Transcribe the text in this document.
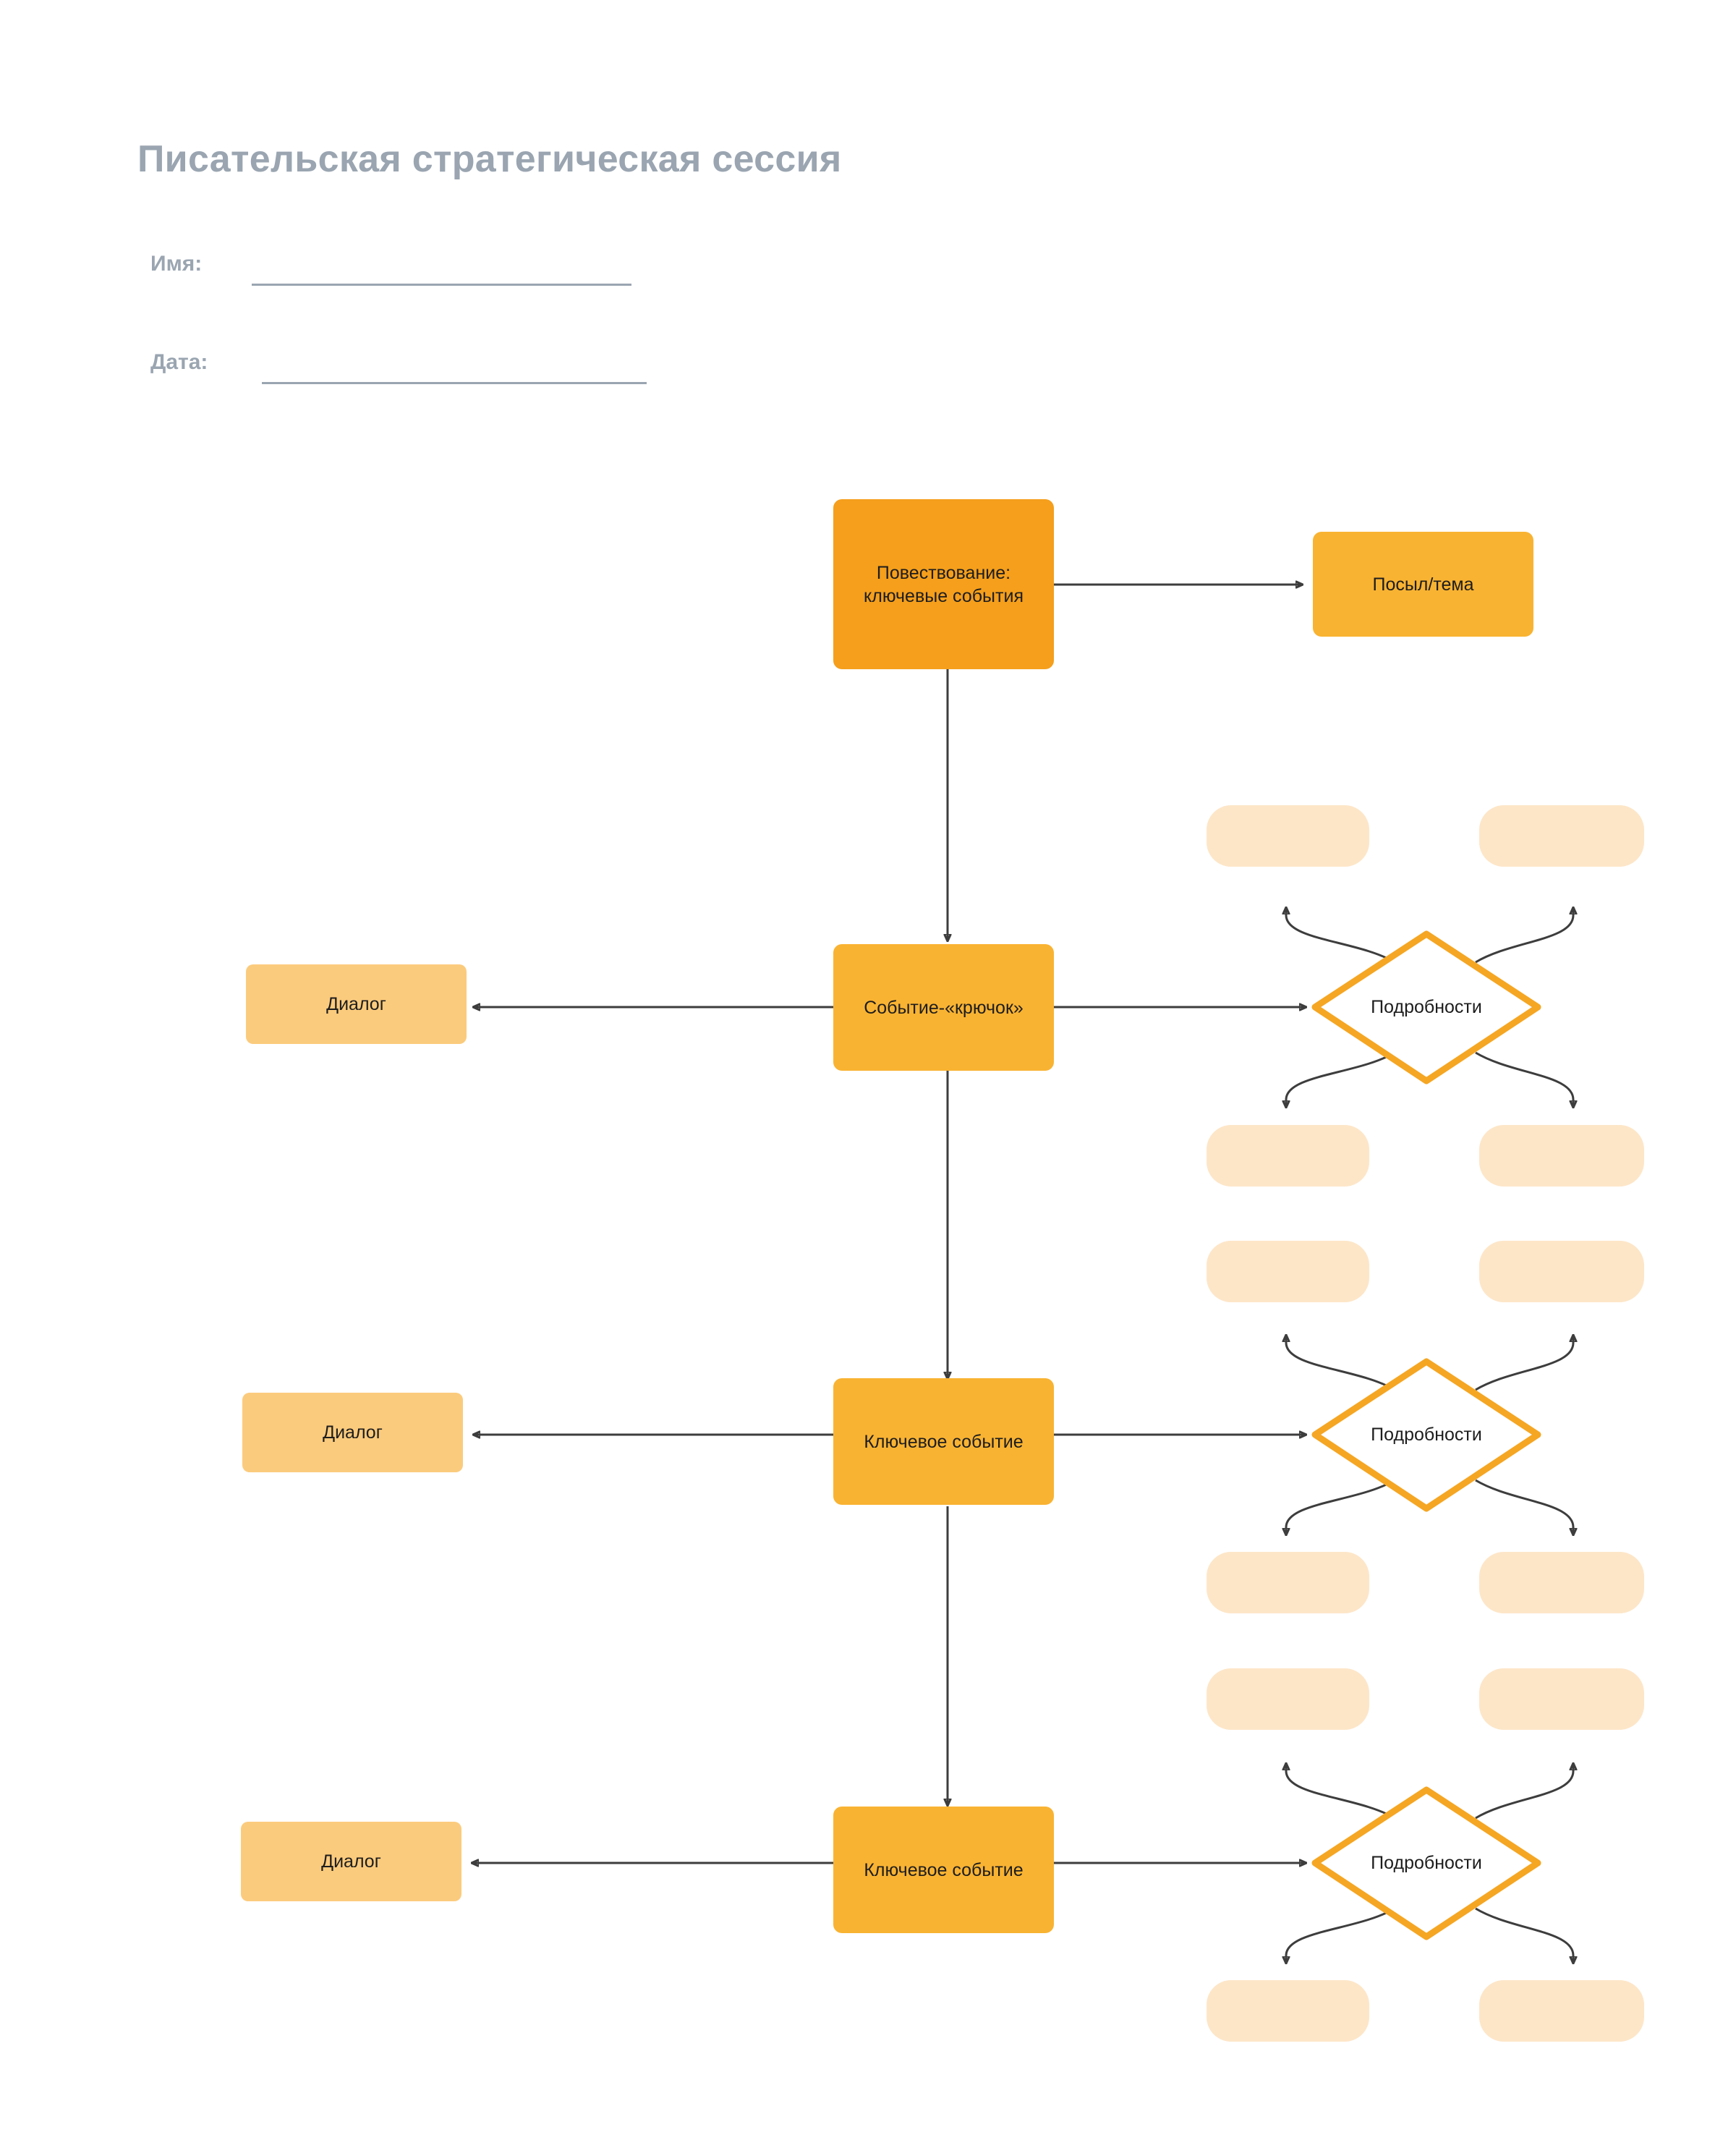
Писательская стратегическая сессия
Имя:
Дата:
Повествование: ключевые события
Посыл/тема
Событие-«крючок»
Ключевое событие
Ключевое событие
Диалог
Диалог
Диалог
Подробности
Подробности
Подробности
